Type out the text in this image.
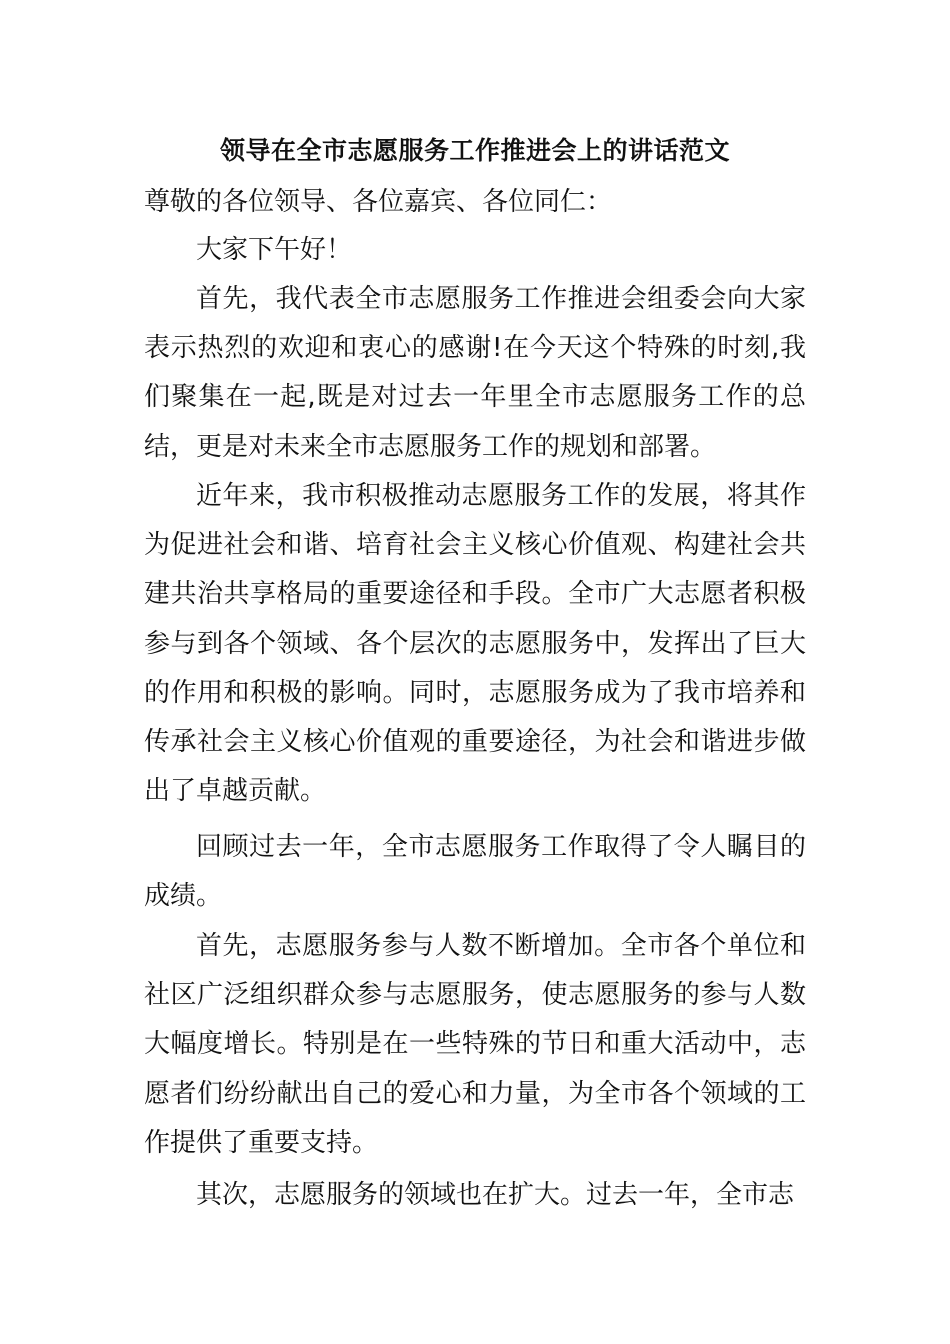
领导在全市志愿服务工作推进会上的讲话范文
尊敬的各位领导、各位嘉宾、各位同仁：

大家下午好！

首先，我代表全市志愿服务工作推进会组委会向大家表示热烈的欢迎和衷心的感谢!在今天这个特殊的时刻,我们聚集在一起,既是对过去一年里全市志愿服务工作的总结，更是对未来全市志愿服务工作的规划和部署。

近年来，我市积极推动志愿服务工作的发展，将其作为促进社会和谐、培育社会主义核心价值观、构建社会共建共治共享格局的重要途径和手段。全市广大志愿者积极参与到各个领域、各个层次的志愿服务中，发挥出了巨大的作用和积极的影响。同时，志愿服务成为了我市培养和传承社会主义核心价值观的重要途径，为社会和谐进步做出了卓越贡献。

回顾过去一年，全市志愿服务工作取得了令人瞩目的成绩。

首先，志愿服务参与人数不断增加。全市各个单位和社区广泛组织群众参与志愿服务，使志愿服务的参与人数大幅度增长。特别是在一些特殊的节日和重大活动中，志愿者们纷纷献出自己的爱心和力量，为全市各个领域的工作提供了重要支持。

其次，志愿服务的领域也在扩大。过去一年，全市志
